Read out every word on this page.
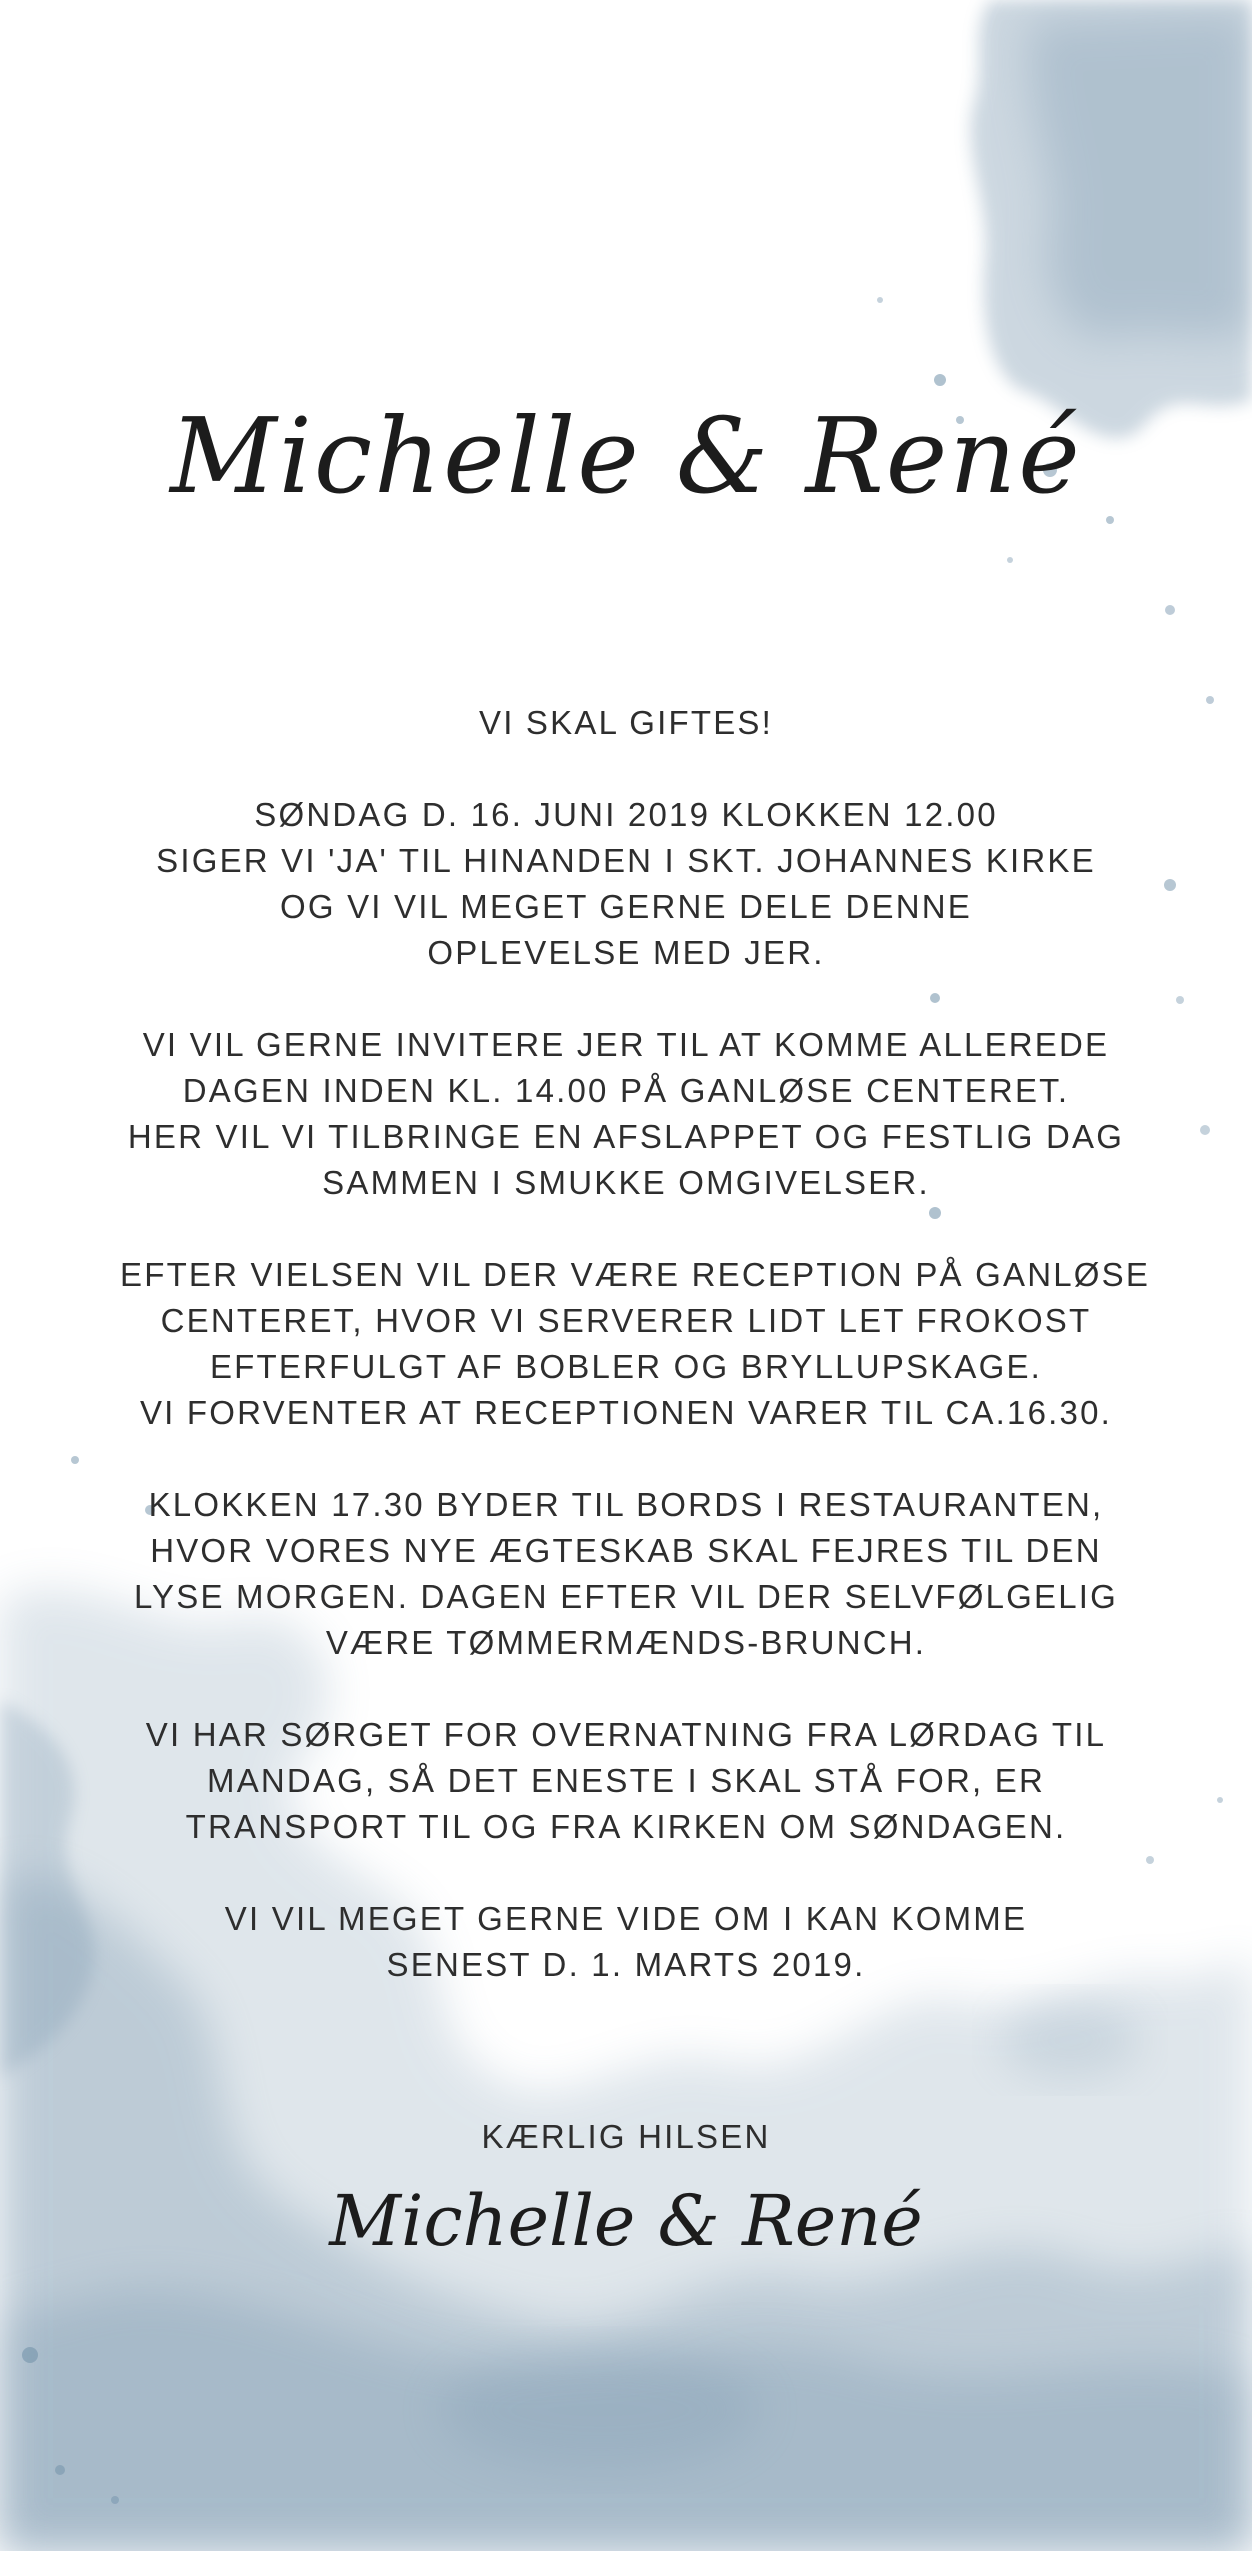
Michelle & René

VI SKAL GIFTES!

SØNDAG D. 16. JUNI 2019 KLOKKEN 12.00
SIGER VI 'JA' TIL HINANDEN I SKT. JOHANNES KIRKE
OG VI VIL MEGET GERNE DELE DENNE
OPLEVELSE MED JER.

VI VIL GERNE INVITERE JER TIL AT KOMME ALLEREDE
DAGEN INDEN KL. 14.00 PÅ GANLØSE CENTERET.
HER VIL VI TILBRINGE EN AFSLAPPET OG FESTLIG DAG
SAMMEN I SMUKKE OMGIVELSER.

EFTER VIELSEN VIL DER VÆRE RECEPTION PÅ GANLØSE
CENTERET, HVOR VI SERVERER LIDT LET FROKOST
EFTERFULGT AF BOBLER OG BRYLLUPSKAGE.
VI FORVENTER AT RECEPTIONEN VARER TIL CA.16.30.

KLOKKEN 17.30 BYDER TIL BORDS I RESTAURANTEN,
HVOR VORES NYE ÆGTESKAB SKAL FEJRES TIL DEN
LYSE MORGEN. DAGEN EFTER VIL DER SELVFØLGELIG
VÆRE TØMMERMÆNDS-BRUNCH.

VI HAR SØRGET FOR OVERNATNING FRA LØRDAG TIL
MANDAG, SÅ DET ENESTE I SKAL STÅ FOR, ER
TRANSPORT TIL OG FRA KIRKEN OM SØNDAGEN.

VI VIL MEGET GERNE VIDE OM I KAN KOMME
SENEST D. 1. MARTS 2019.

KÆRLIG HILSEN
Michelle & René
